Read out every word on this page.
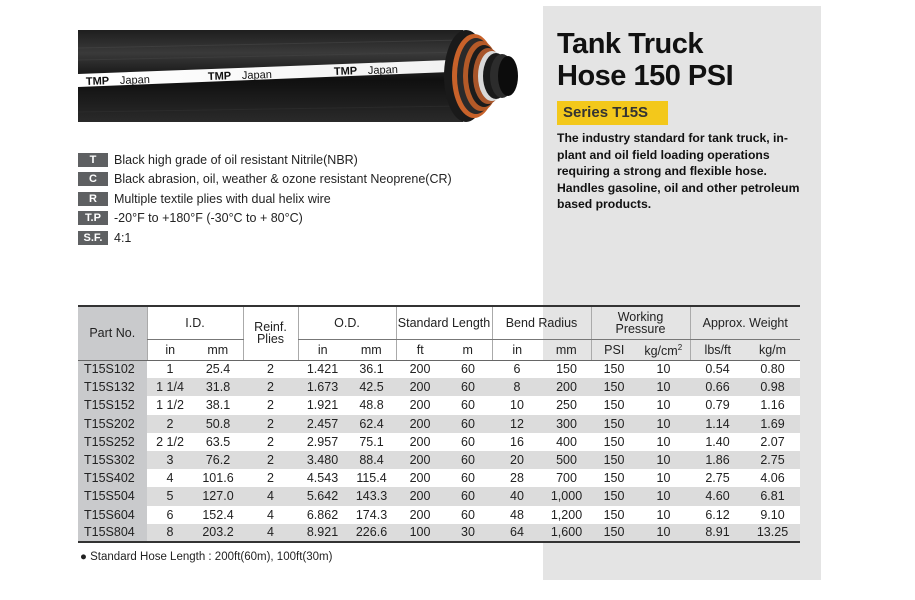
TMP Japan	TMP Japan	TMP Japan
Tank Truck
Hose 150 PSI
Series T15S
The industry standard for tank truck, in-plant and oil field loading operations requiring a strong and flexible hose. Handles gasoline, oil and other petroleum based products.
T	Black high grade of oil resistant Nitrile(NBR)
C	Black abrasion, oil, weather & ozone resistant Neoprene(CR)
R	Multiple textile plies with dual helix wire
T.P	-20°F to +180°F (-30°C to + 80°C)
S.F. 4:1
Part No.	I.D.		Reinf. Plies	O.D.		Standard Length		Bend Radius		Working Pressure		Approx. Weight	
	in	mm		in	mm	ft	m	in	mm	PSI	$kg/cm^2$	lbs/ft	kg/m
T15S102	1	25.4	2	1.421	36.1	200	60	6	150	150	10	0.54	0.80
T15S132	1 1/4	31.8	2	1.673	42.5	200	60	8	200	150	10	0.66	0.98
T15S152	1 1/2	38.1	2	1.921	48.8	200	60	10	250	150	10	0.79	1.16
T15S202	2	50.8	2	2.457	62.4	200	60	12	300	150	10	1.14	1.69
T15S252	2 1/2	63.5	2	2.957	75.1	200	60	16	400	150	10	1.40	2.07
T15S302	3	76.2	2	3.480	88.4	200	60	20	500	150	10	1.86	2.75
T15S402	4	101.6	2	4.543	115.4	200	60	28	700	150	10	2.75	4.06
T15S504	5	127.0	4	5.642	143.3	200	60	40	1,000	150	10	4.60	6.81
T15S604	6	152.4	4	6.862	174.3	200	60	48	1,200	150	10	6.12	9.10
T15S804	8	203.2	4	8.921	226.6	100	30	64	1,600	150	10	8.91	13.25
● Standard Hose Length : 200ft(60m), 100ft(30m)
